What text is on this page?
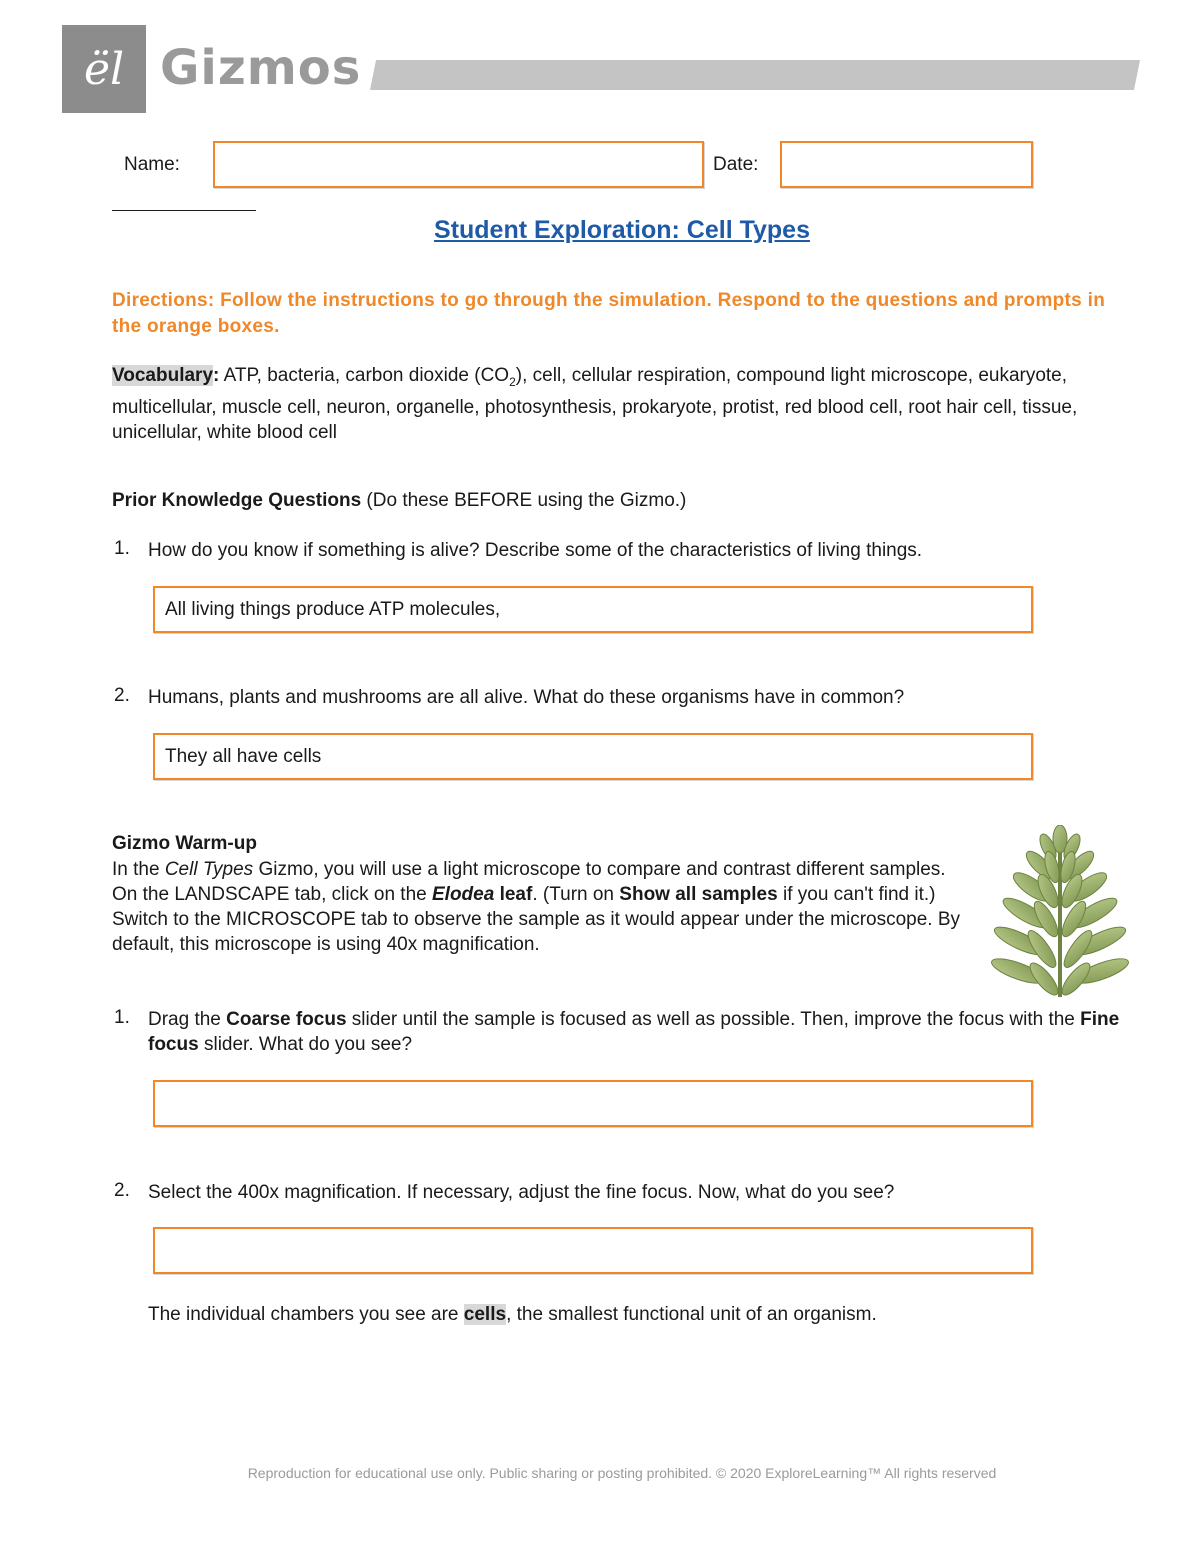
ël Gizmos
Name:	Date:
Student Exploration: Cell Types
Directions: Follow the instructions to go through the simulation. Respond to the questions and prompts in the orange boxes.
Vocabulary: ATP, bacteria, carbon dioxide $(CO_2)$, cell, cellular respiration, compound light microscope, eukaryote, multicellular, muscle cell, neuron, organelle, photosynthesis, prokaryote, protist, red blood cell, root hair cell, tissue, unicellular, white blood cell
Prior Knowledge Questions (Do these BEFORE using the Gizmo.)
1. How do you know if something is alive? Describe some of the characteristics of living things.
All living things produce ATP molecules,
2. Humans, plants and mushrooms are all alive. What do these organisms have in common?
They all have cells
Gizmo Warm-up
In the Cell Types Gizmo, you will use a light microscope to compare and contrast different samples. On the LANDSCAPE tab, click on the Elodea leaf. (Turn on Show all samples if you can't find it.) Switch to the MICROSCOPE tab to observe the sample as it would appear under the microscope. By default, this microscope is using 40x magnification.
1. Drag the Coarse focus slider until the sample is focused as well as possible. Then, improve the focus with the Fine focus slider. What do you see?
2. Select the 400x magnification. If necessary, adjust the fine focus. Now, what do you see?
The individual chambers you see are cells, the smallest functional unit of an organism.
Reproduction for educational use only. Public sharing or posting prohibited. © 2020 ExploreLearning™ All rights reserved
